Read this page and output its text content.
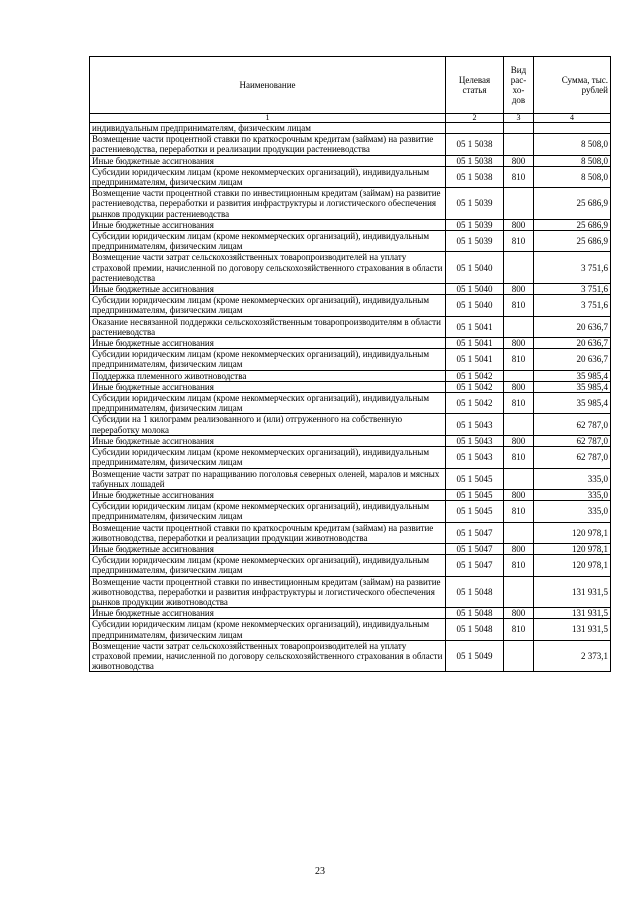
Наименование	Целевая статья	Вид рас- хо- дов	Сумма, тыс. рублей
1	2	3	4
индивидуальным предпринимателям, физическим лицам			
Возмещение части процентной ставки по краткосрочным кредитам (займам) на развитие растениеводства, переработки и реализации продукции растениеводства	05 1 5038		8 508,0
Иные бюджетные ассигнования	05 1 5038	800	8 508,0
Субсидии юридическим лицам (кроме некоммерческих организаций), индивидуальным предпринимателям, физическим лицам	05 1 5038	810	8 508,0
Возмещение части процентной ставки по инвестиционным кредитам (займам) на развитие растениеводства, переработки и развития инфраструктуры и логистического обеспечения рынков продукции растениеводства	05 1 5039		25 686,9
Иные бюджетные ассигнования	05 1 5039	800	25 686,9
Субсидии юридическим лицам (кроме некоммерческих организаций), индивидуальным предпринимателям, физическим лицам	05 1 5039	810	25 686,9
Возмещение части затрат сельскохозяйственных товаропроизводителей на уплату страховой премии, начисленной по договору сельскохозяйственного страхования в области растениеводства	05 1 5040		3 751,6
Иные бюджетные ассигнования	05 1 5040	800	3 751,6
Субсидии юридическим лицам (кроме некоммерческих организаций), индивидуальным предпринимателям, физическим лицам	05 1 5040	810	3 751,6
Оказание несвязанной поддержки сельскохозяйственным товаропроизводителям в области растениеводства	05 1 5041		20 636,7
Иные бюджетные ассигнования	05 1 5041	800	20 636,7
Субсидии юридическим лицам (кроме некоммерческих организаций), индивидуальным предпринимателям, физическим лицам	05 1 5041	810	20 636,7
Поддержка племенного животноводства	05 1 5042		35 985,4
Иные бюджетные ассигнования	05 1 5042	800	35 985,4
Субсидии юридическим лицам (кроме некоммерческих организаций), индивидуальным предпринимателям, физическим лицам	05 1 5042	810	35 985,4
Субсидии на 1 килограмм реализованного и (или) отгруженного на собственную переработку молока	05 1 5043		62 787,0
Иные бюджетные ассигнования	05 1 5043	800	62 787,0
Субсидии юридическим лицам (кроме некоммерческих организаций), индивидуальным предпринимателям, физическим лицам	05 1 5043	810	62 787,0
Возмещение части затрат по наращиванию поголовья северных оленей, маралов и мясных табунных лошадей	05 1 5045		335,0
Иные бюджетные ассигнования	05 1 5045	800	335,0
Субсидии юридическим лицам (кроме некоммерческих организаций), индивидуальным предпринимателям, физическим лицам	05 1 5045	810	335,0
Возмещение части процентной ставки по краткосрочным кредитам (займам) на развитие животноводства, переработки и реализации продукции животноводства	05 1 5047		120 978,1
Иные бюджетные ассигнования	05 1 5047	800	120 978,1
Субсидии юридическим лицам (кроме некоммерческих организаций), индивидуальным предпринимателям, физическим лицам	05 1 5047	810	120 978,1
Возмещение части процентной ставки по инвестиционным кредитам (займам) на развитие животноводства, переработки и развития инфраструктуры и логистического обеспечения рынков продукции животноводства	05 1 5048		131 931,5
Иные бюджетные ассигнования	05 1 5048	800	131 931,5
Субсидии юридическим лицам (кроме некоммерческих организаций), индивидуальным предпринимателям, физическим лицам	05 1 5048	810	131 931,5
Возмещение части затрат сельскохозяйственных товаропроизводителей на уплату страховой премии, начисленной по договору сельскохозяйственного страхования в области животноводства	05 1 5049		2 373,1
23
